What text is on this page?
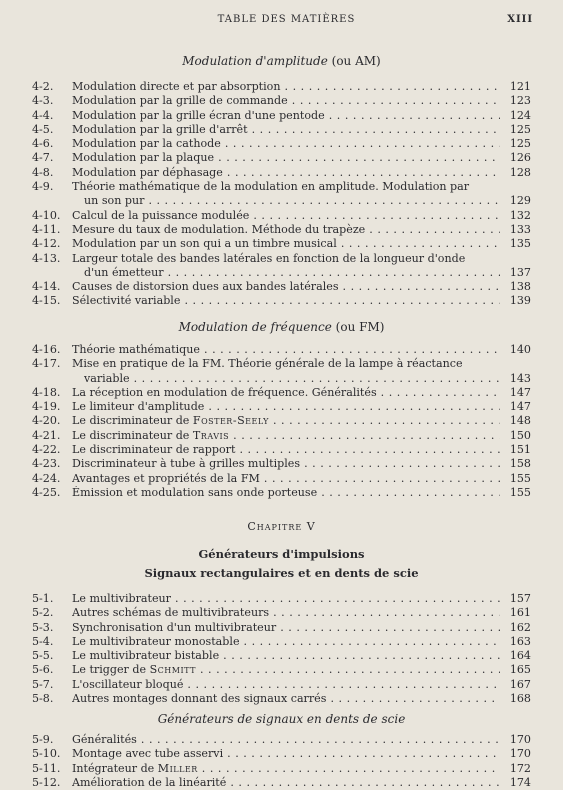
TABLE DES MATIÈRES	XIII
Modulation d'amplitude (ou AM)
4-2.	Modulation directe et par absorption . . .	121
4-3.	Modulation par la grille de commande . . .	123
4-4.	Modulation par la grille écran d'une pentode . . .	124
4-5.	Modulation par la grille d'arrêt . . .	125
4-6.	Modulation par la cathode . . .	125
4-7.	Modulation par la plaque . . .	126
4-8.	Modulation par déphasage . . .	128
4-9.	Théorie mathématique de la modulation en amplitude. Modulation par
un son pur . . .	129
4-10.	Calcul de la puissance modulée . . .	132
4-11.	Mesure du taux de modulation. Méthode du trapèze . . .	133
4-12.	Modulation par un son qui a un timbre musical . . .	135
4-13.	Largeur totale des bandes latérales en fonction de la longueur d'onde
d'un émetteur . . .	137
4-14.	Causes de distorsion dues aux bandes latérales . . .	138
4-15.	Sélectivité variable . . .	139
Modulation de fréquence (ou FM)
4-16.	Théorie mathématique . . .	140
4-17.	Mise en pratique de la FM. Théorie générale de la lampe à réactance
variable . . .	143
4-18.	La réception en modulation de fréquence. Généralités . . .	147
4-19.	Le limiteur d'amplitude . . .	147
4-20.	Le discriminateur de Foster-Seely . . .	148
4-21.	Le discriminateur de Travis . . .	150
4-22.	Le discriminateur de rapport . . .	151
4-23.	Discriminateur à tube à grilles multiples . . .	158
4-24.	Avantages et propriétés de la FM . . .	155
4-25.	Émission et modulation sans onde porteuse . . .	155
Chapitre V
Générateurs d'impulsions
Signaux rectangulaires et en dents de scie
5-1.	Le multivibrateur . . .	157
5-2.	Autres schémas de multivibrateurs . . .	161
5-3.	Synchronisation d'un multivibrateur . . .	162
5-4.	Le multivibrateur monostable . . .	163
5-5.	Le multivibrateur bistable . . .	164
5-6.	Le trigger de Schmitt . . .	165
5-7.	L'oscillateur bloqué . . .	167
5-8.	Autres montages donnant des signaux carrés . . .	168
Générateurs de signaux en dents de scie
5-9.	Généralités . . .	170
5-10.	Montage avec tube asservi . . .	170
5-11.	Intégrateur de Miller . . .	172
5-12.	Amélioration de la linéarité . . .	174
